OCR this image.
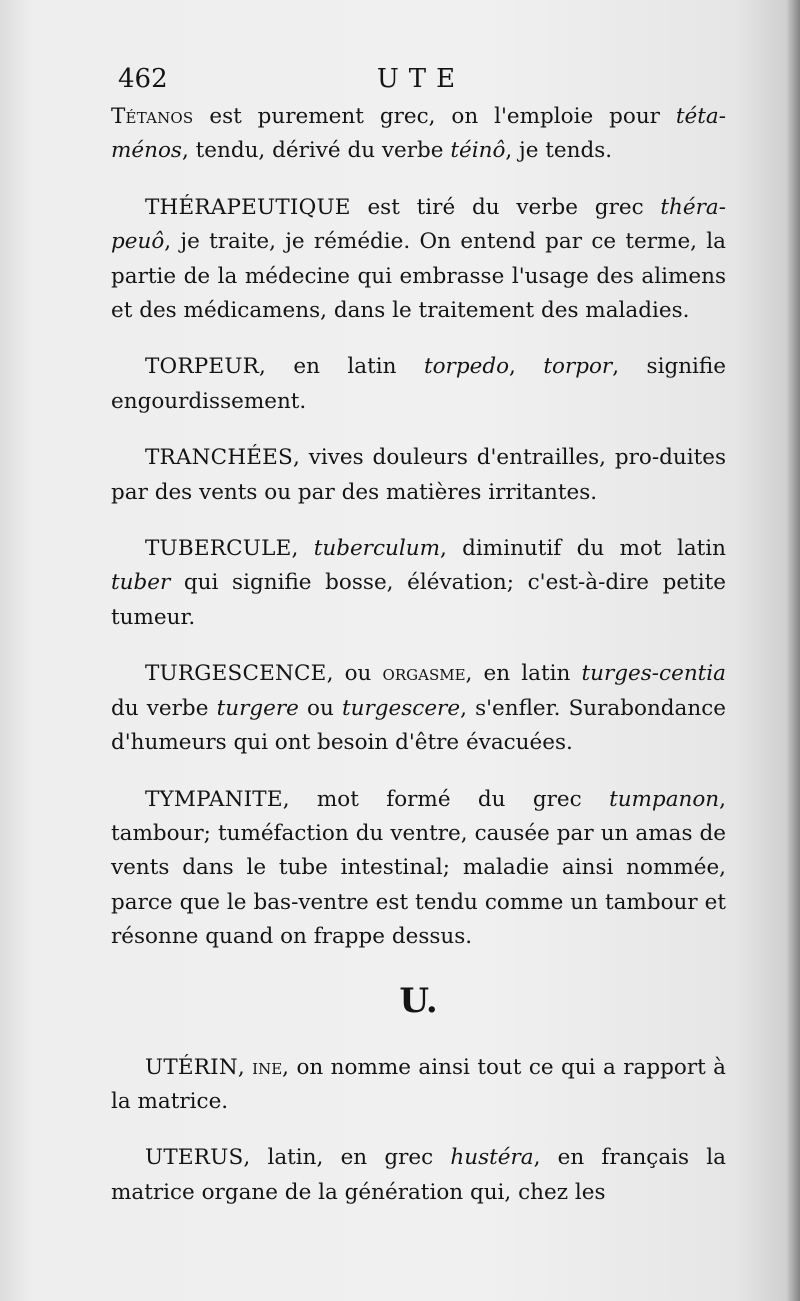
462	UTE

Tétanos est purement grec, on l'emploie pour téta-ménos, tendu, dérivé du verbe téinô, je tends.

THÉRAPEUTIQUE est tiré du verbe grec théra-peuô, je traite, je rémédie. On entend par ce terme, la partie de la médecine qui embrasse l'usage des alimens et des médicamens, dans le traitement des maladies.

TORPEUR, en latin torpedo, torpor, signifie engourdissement.

TRANCHÉES, vives douleurs d'entrailles, pro-duites par des vents ou par des matières irritantes.

TUBERCULE, tuberculum, diminutif du mot latin tuber qui signifie bosse, élévation; c'est-à-dire petite tumeur.

TURGESCENCE, ou orgasme, en latin turges-centia du verbe turgere ou turgescere, s'enfler. Surabondance d'humeurs qui ont besoin d'être évacuées.

TYMPANITE, mot formé du grec tumpanon, tambour; tuméfaction du ventre, causée par un amas de vents dans le tube intestinal; maladie ainsi nommée, parce que le bas-ventre est tendu comme un tambour et résonne quand on frappe dessus.

U.

UTÉRIN, ine, on nomme ainsi tout ce qui a rapport à la matrice.

UTERUS, latin, en grec hustéra, en français la matrice organe de la génération qui, chez les
